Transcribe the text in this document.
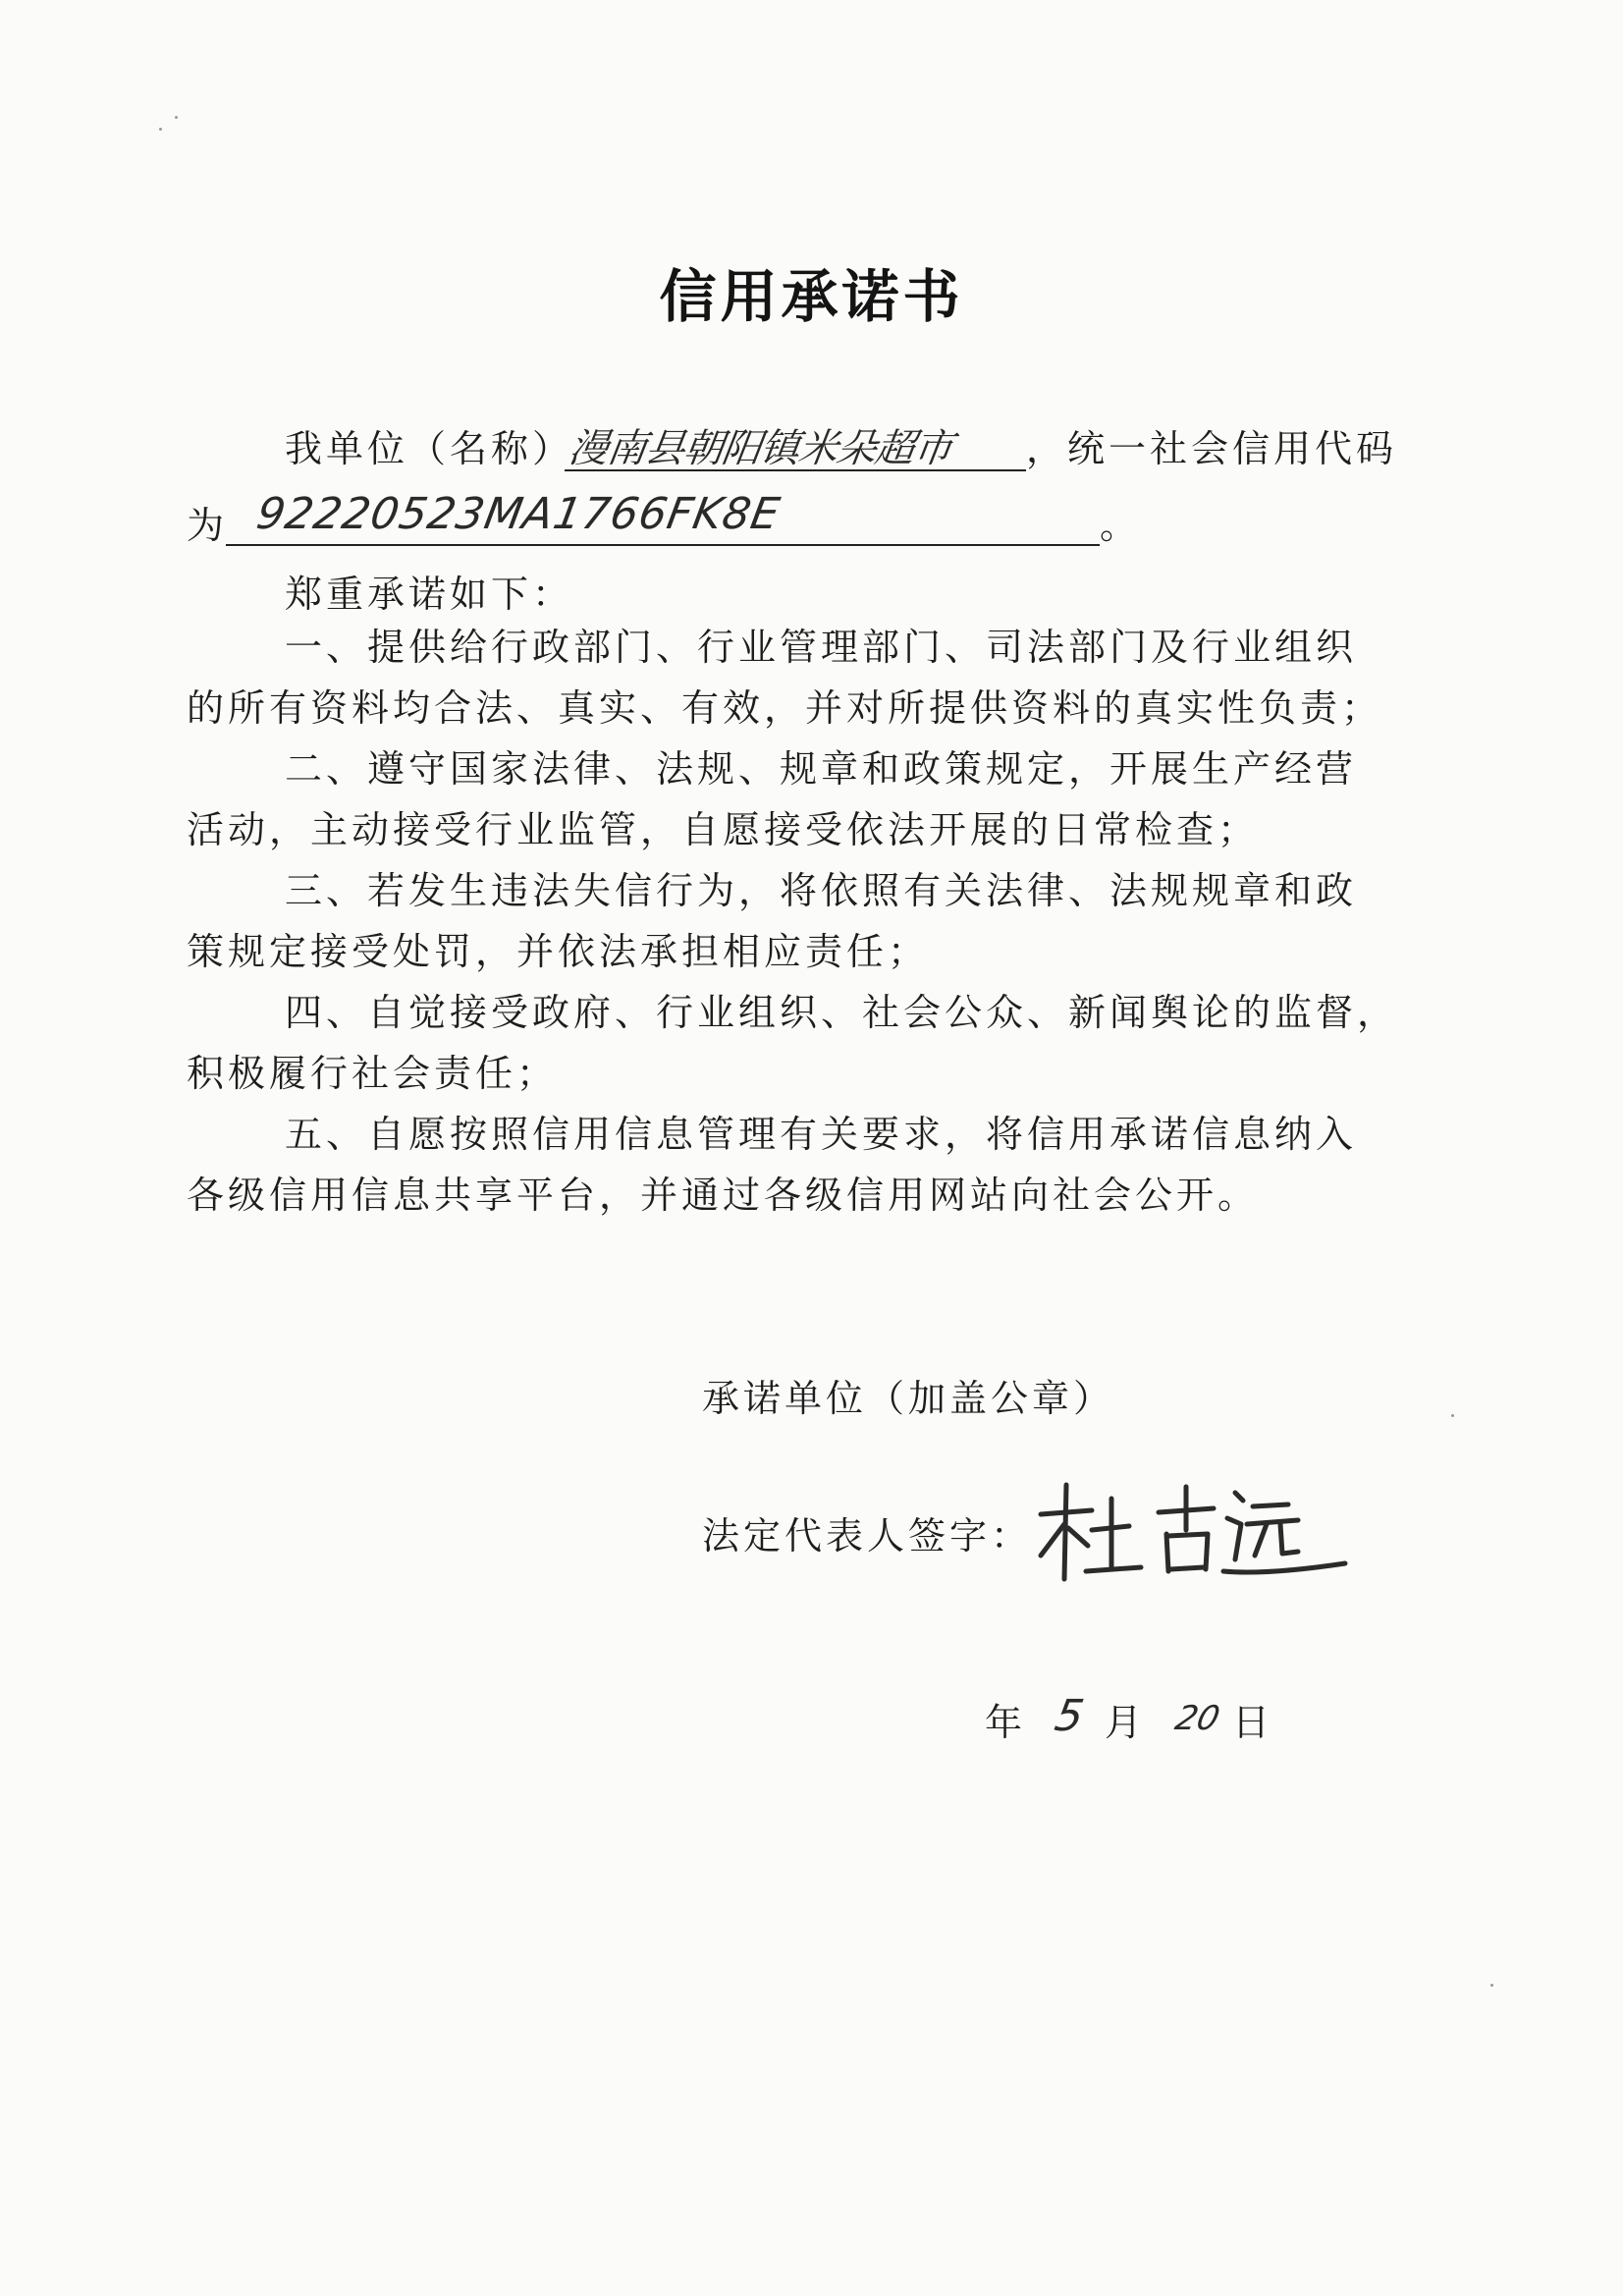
信用承诺书
我单位（名称）
漫南县朝阳镇米朵超市 ，统一社会信用代码
为 92220523MA1766FK8E	。
郑重承诺如下：
一、提供给行政部门、行业管理部门、司法部门及行业组织
的所有资料均合法、真实、有效，并对所提供资料的真实性负责；
二、遵守国家法律、法规、规章和政策规定，开展生产经营
活动，主动接受行业监管，自愿接受依法开展的日常检查；
三、若发生违法失信行为，将依照有关法律、法规规章和政
策规定接受处罚，并依法承担相应责任；
四、自觉接受政府、行业组织、社会公众、新闻舆论的监督，
积极履行社会责任；
五、自愿按照信用信息管理有关要求，将信用承诺信息纳入
各级信用信息共享平台，并通过各级信用网站向社会公开。
承诺单位（加盖公章）
法定代表人签字：
年 5 月 20 日
